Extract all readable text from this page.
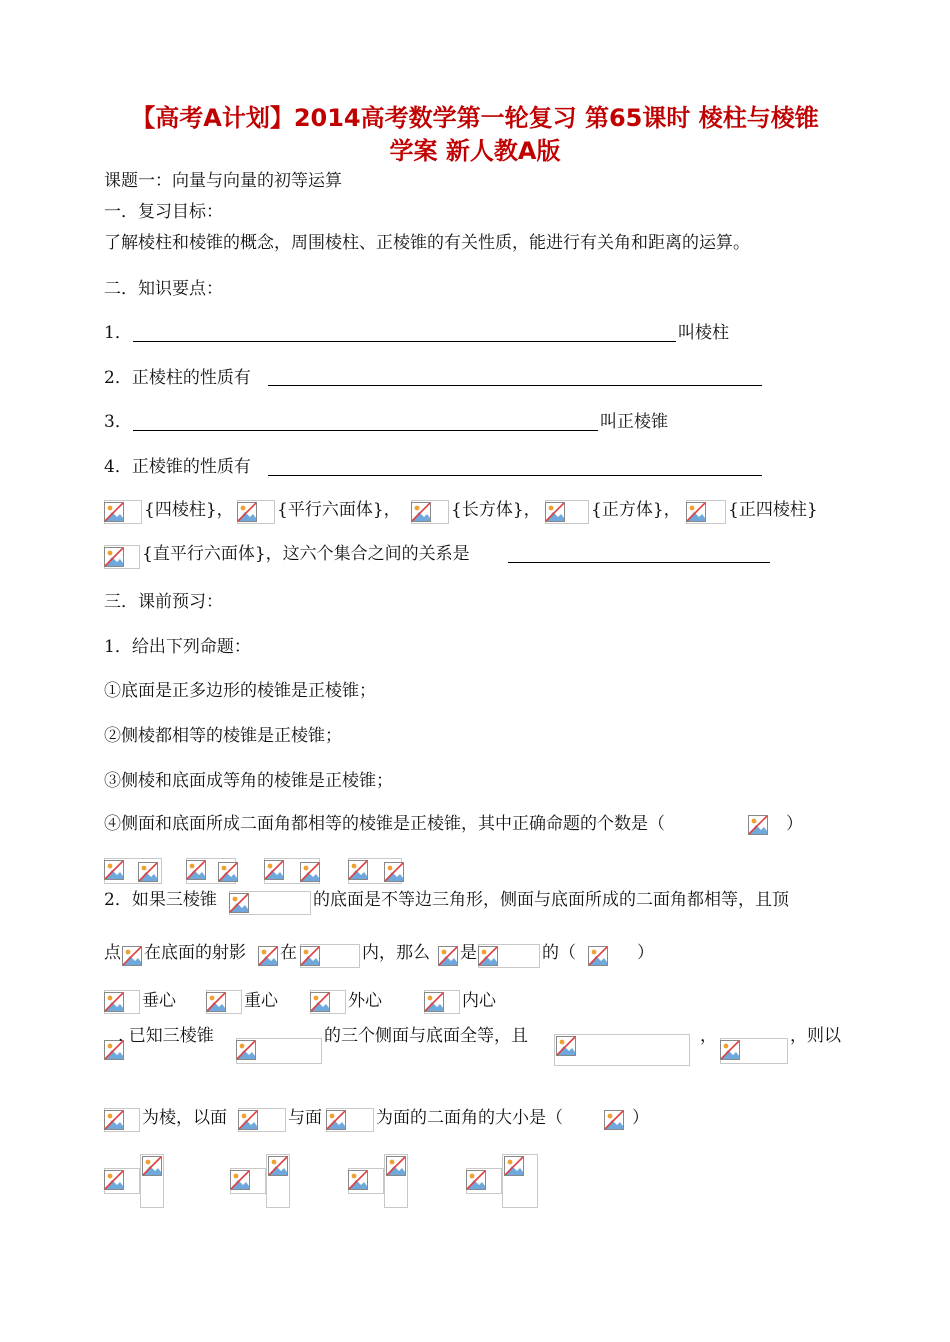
【高考A计划】2014高考数学第一轮复习 第65课时 棱柱与棱锥
学案 新人教A版
课题一：向量与向量的初等运算
一．复习目标：
了解棱柱和棱锥的概念，周围棱柱、正棱锥的有关性质，能进行有关角和距离的运算。
二．知识要点：
1．	叫棱柱
2．正棱柱的性质有
3．	叫正棱锥
4．正棱锥的性质有
{四棱柱}，	{平行六面体}，	{长方体}，	{正方体}，	{正四棱柱}
{直平行六面体}，这六个集合之间的关系是
三．课前预习：
1．给出下列命题：
①底面是正多边形的棱锥是正棱锥；
②侧棱都相等的棱锥是正棱锥；
③侧棱和底面成等角的棱锥是正棱锥；
④侧面和底面所成二面角都相等的棱锥是正棱锥，其中正确命题的个数是（	）
2．如果三棱锥	的底面是不等边三角形，侧面与底面所成的二面角都相等，且顶
点 在底面的射影 在	内，那么 是	的（	）
垂心	重心	外心	内心
. 已知三棱锥	的三个侧面与底面全等，且	，	，则以
为棱，以面	与面	为面的二面角的大小是（	）
